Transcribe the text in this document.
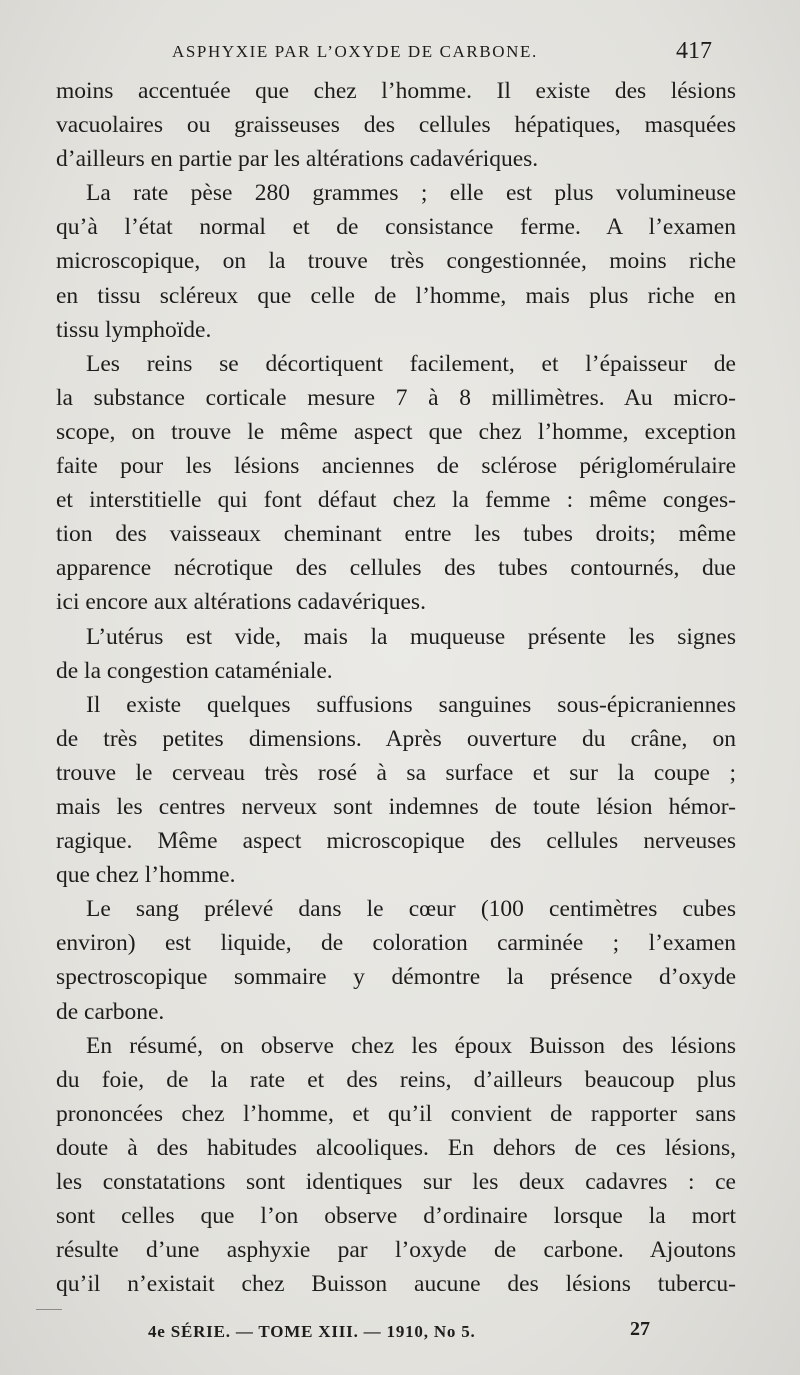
ASPHYXIE PAR L’OXYDE DE CARBONE.	417
moins accentuée que chez l’homme. Il existe des lésions
vacuolaires ou graisseuses des cellules hépatiques, masquées
d’ailleurs en partie par les altérations cadavériques.
La rate pèse 280 grammes ; elle est plus volumineuse
qu’à l’état normal et de consistance ferme. A l’examen
microscopique, on la trouve très congestionnée, moins riche
en tissu scléreux que celle de l’homme, mais plus riche en
tissu lymphoïde.
Les reins se décortiquent facilement, et l’épaisseur de
la substance corticale mesure 7 à 8 millimètres. Au micro-
scope, on trouve le même aspect que chez l’homme, exception
faite pour les lésions anciennes de sclérose périglomérulaire
et interstitielle qui font défaut chez la femme : même conges-
tion des vaisseaux cheminant entre les tubes droits; même
apparence nécrotique des cellules des tubes contournés, due
ici encore aux altérations cadavériques.
L’utérus est vide, mais la muqueuse présente les signes
de la congestion cataméniale.
Il existe quelques suffusions sanguines sous-épicraniennes
de très petites dimensions. Après ouverture du crâne, on
trouve le cerveau très rosé à sa surface et sur la coupe ;
mais les centres nerveux sont indemnes de toute lésion hémor-
ragique. Même aspect microscopique des cellules nerveuses
que chez l’homme.
Le sang prélevé dans le cœur (100 centimètres cubes
environ) est liquide, de coloration carminée ; l’examen
spectroscopique sommaire y démontre la présence d’oxyde
de carbone.
En résumé, on observe chez les époux Buisson des lésions
du foie, de la rate et des reins, d’ailleurs beaucoup plus
prononcées chez l’homme, et qu’il convient de rapporter sans
doute à des habitudes alcooliques. En dehors de ces lésions,
les constatations sont identiques sur les deux cadavres : ce
sont celles que l’on observe d’ordinaire lorsque la mort
résulte d’une asphyxie par l’oxyde de carbone. Ajoutons
qu’il n’existait chez Buisson aucune des lésions tubercu-
4e SÉRIE. — TOME XIII. — 1910, No 5.	27
